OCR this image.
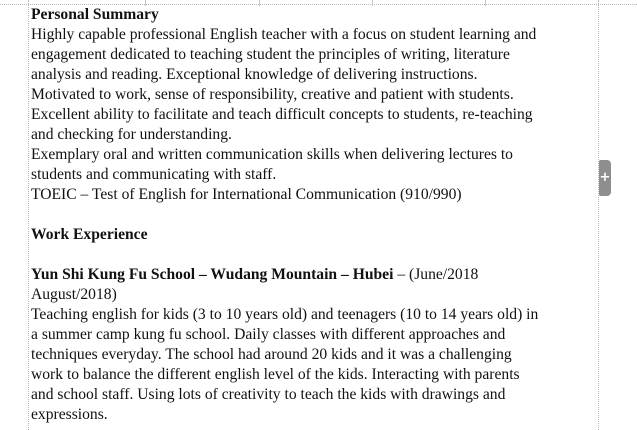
Personal Summary

Highly capable professional English teacher with a focus on student learning and

engagement dedicated to teaching student the principles of writing, literature

analysis and reading. Exceptional knowledge of delivering instructions.

Motivated to work, sense of responsibility, creative and patient with students.

Excellent ability to facilitate and teach difficult concepts to students, re-teaching

and checking for understanding.

Exemplary oral and written communication skills when delivering lectures to

students and communicating with staff.

TOEIC – Test of English for International Communication (910/990)

Work Experience

Yun Shi Kung Fu School – Wudang Mountain – Hubei – (June/2018

August/2018)

Teaching english for kids (3 to 10 years old) and teenagers (10 to 14 years old) in

a summer camp kung fu school. Daily classes with different approaches and

techniques everyday. The school had around 20 kids and it was a challenging

work to balance the different english level of the kids. Interacting with parents

and school staff. Using lots of creativity to teach the kids with drawings and

expressions.

+
